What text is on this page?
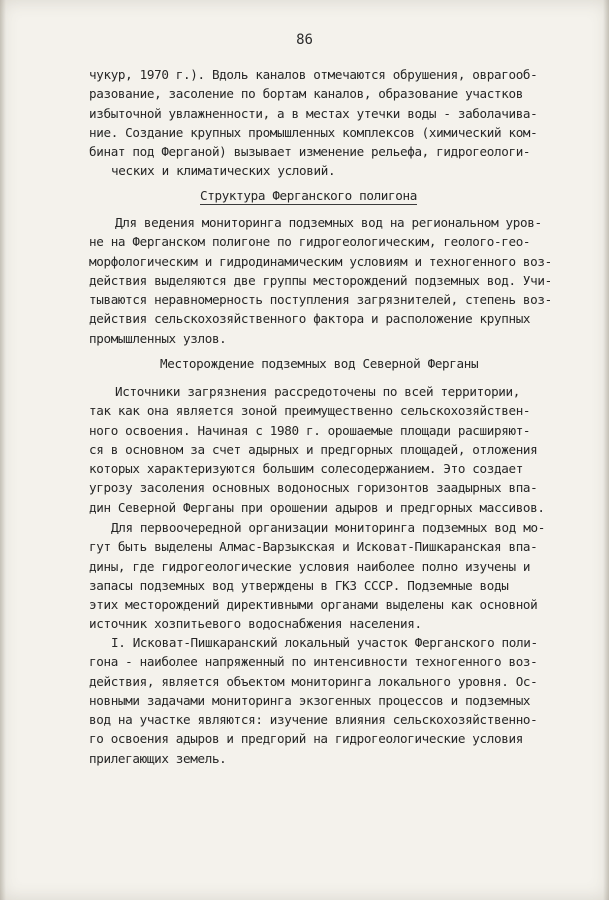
86
чукур, 1970 г.). Вдоль каналов отмечаются обрушения, оврагооб-
разование, засоление по бортам каналов, образование участков
избыточной увлажненности, а в местах утечки воды - заболачива-
ние. Создание крупных промышленных комплексов (химический ком-
бинат под Ферганой) вызывает изменение рельефа, гидрогеологи-
ческих и климатических условий.
Структура Ферганского полигона
Для ведения мониторинга подземных вод на региональном уров-
не на Ферганском полигоне по гидрогеологическим, геолого-гео-
морфологическим и гидродинамическим условиям и техногенного воз-
действия выделяются две группы месторождений подземных вод. Учи-
тываются неравномерность поступления загрязнителей, степень воз-
действия сельскохозяйственного фактора и расположение крупных
промышленных узлов.
Месторождение подземных вод Северной Ферганы
Источники загрязнения рассредоточены по всей территории,
так как она является зоной преимущественно сельскохозяйствен-
ного освоения. Начиная с 1980 г. орошаемые площади расширяют-
ся в основном за счет адырных и предгорных площадей, отложения
которых характеризуются большим солесодержанием. Это создает
угрозу засоления основных водоносных горизонтов заадырных впа-
дин Северной Ферганы при орошении адыров и предгорных массивов.
Для первоочередной организации мониторинга подземных вод мо-
гут быть выделены Алмас-Варзыкская и Исковат-Пишкаранская впа-
дины, где гидрогеологические условия наиболее полно изучены и
запасы подземных вод утверждены в ГКЗ СССР. Подземные воды
этих месторождений директивными органами выделены как основной
источник хозпитьевого водоснабжения населения.
I. Исковат-Пишкаранский локальный участок Ферганского поли-
гона - наиболее напряженный по интенсивности техногенного воз-
действия, является объектом мониторинга локального уровня. Ос-
новными задачами мониторинга экзогенных процессов и подземных
вод на участке являются: изучение влияния сельскохозяйственно-
го освоения адыров и предгорий на гидрогеологические условия
прилегающих земель.
